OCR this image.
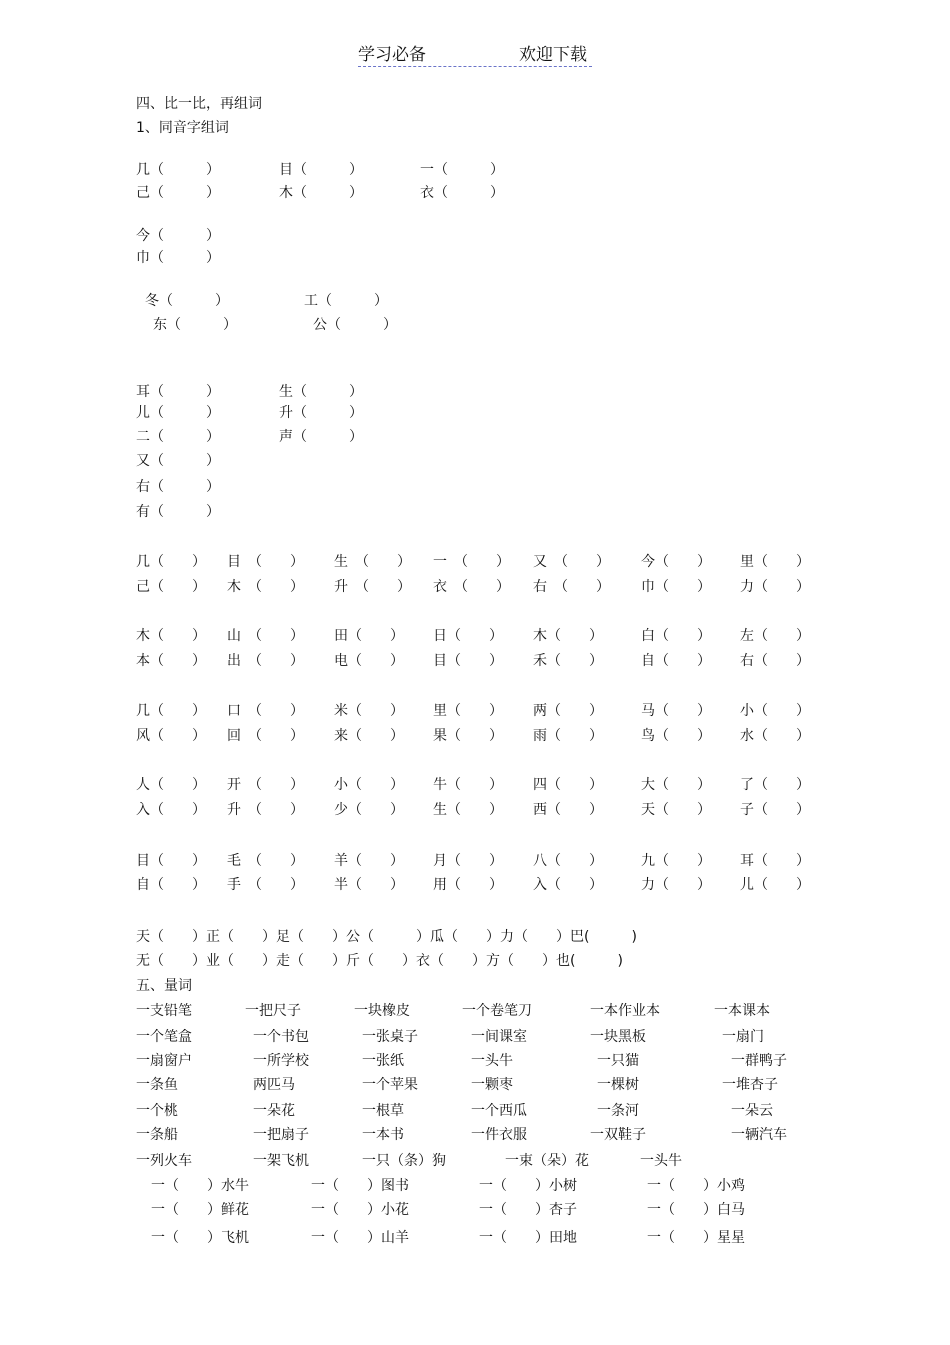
学习必备	欢迎下载
四、比一比，再组词
1、同音字组词
几（　　　）	目（　　　）	一（　　　）
己（　　　）	木（　　　）	衣（　　　）
今（　　　）
巾（　　　）
冬（　　　）	工（　　　）
东（　　　）	公（　　　）
耳（　　　）	生（　　　）
儿（　　　）	升（　　　）
二（　　　）	声（　　　）
又（　　　）
右（　　　）
有（　　　）
几（　　） 目　（　　） 生　（　　） 一　（　　） 又　（　　） 今（　　） 里（　　）
己（　　） 木　（　　） 升　（　　） 衣　（　　） 右　（　　） 巾（　　） 力（　　）
木（　　） 山　（　　） 田（　　） 日（　　） 木（　　）	白（　　） 左（　　）
本（　　） 出　（　　） 电（　　） 目（　　） 禾（　　）	自（　　） 右（　　）
几（　　） 口　（　　） 米（　　） 里（　　） 两（　　）	马（　　） 小（　　）
风（　　） 回　（　　） 来（　　） 果（　　） 雨（　　）	鸟（　　） 水（　　）
人（　　） 开　（　　） 小（　　） 牛（　　） 四（　　）	大（　　） 了（　　）
入（　　） 升　（　　） 少（　　） 生（　　） 西（　　）	天（　　） 子（　　）
目（　　） 毛　（　　） 羊（　　） 月（　　） 八（　　）	九（　　） 耳（　　）
自（　　） 手　（　　） 半（　　） 用（　　） 入（　　）	力（　　） 儿（　　）
天（　　）正（　　）足（　　）公（　　　）瓜（　　）力（　　）巴(　　　)
无（　　）业（　　）走（　　）斤（　　）衣（　　）方（　　）也(　　　)
五、量词
一支铅笔	一把尺子	一块橡皮	一个卷笔刀	一本作业本	一本课本
一个笔盒	一个书包	一张桌子	一间课室	一块黑板	一扇门
一扇窗户	一所学校	一张纸	一头牛	一只猫	一群鸭子
一条鱼	两匹马	一个苹果	一颗枣	一棵树	一堆杏子
一个桃	一朵花	一根草	一个西瓜	一条河	一朵云
一条船	一把扇子	一本书	一件衣服	一双鞋子	一辆汽车
一列火车	一架飞机	一只（条）狗	一束（朵）花	一头牛
一（　　）水牛	一（　　）图书	一（　　）小树	一（　　）小鸡
一（　　）鲜花	一（　　）小花	一（　　）杏子	一（　　）白马
一（　　）飞机	一（　　）山羊	一（　　）田地	一（　　）星星
